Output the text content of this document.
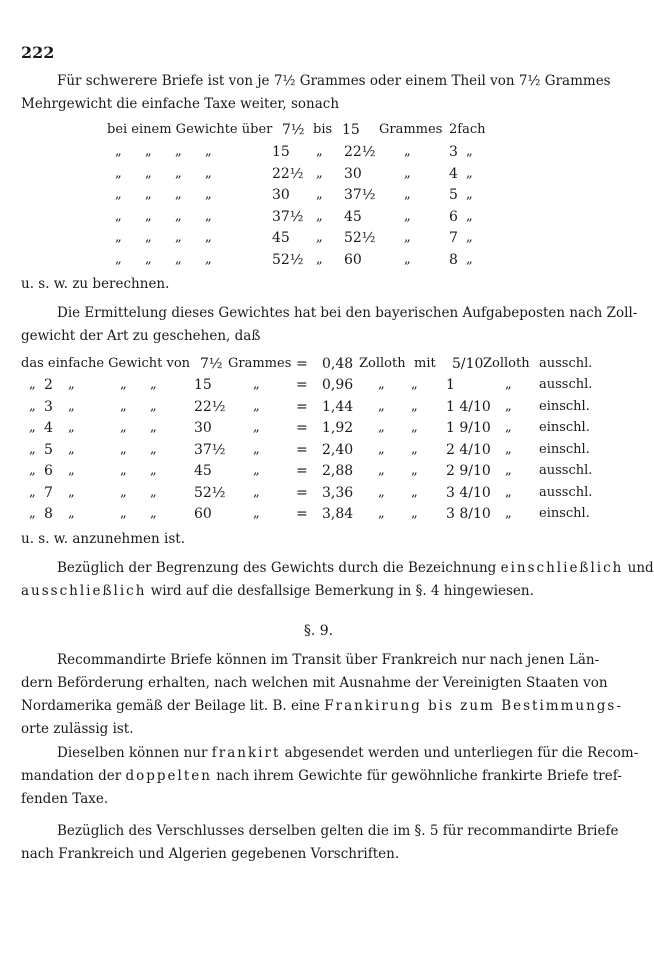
222
Für schwerere Briefe ist von je 7½ Grammes oder einem Theil von 7½ Grammes
Mehrgewicht die einfache Taxe weiter, sonach
bei einem Gewichte über 7½ bis 15 Grammes 2fach
„ „ „ „	15 „ 22½ „	3 „
„ „ „ „	22½ „ 30	„	4 „
„ „ „ „	30 „ 37½ „	5 „
„ „ „ „	37½ „ 45	„	6 „
„ „ „ „	45 „ 52½ „	7 „
„ „ „ „	52½ „ 60	„	8 „
u. s. w. zu berechnen.
Die Ermittelung dieses Gewichtes hat bei den bayerischen Aufgabeposten nach Zoll-
gewicht der Art zu geschehen, daß
das einfache Gewicht von 7½ Grammes = 0,48 Zolloth mit 5/10 Zolloth ausschl.
„ 2 „	„ „	15	„	= 0,96 „ „ 1	„ ausschl.
„ 3 „	„ „	22½ „	= 1,44 „ „ 1 4/10 „ einschl.
„ 4 „	„ „	30	„	= 1,92 „ „ 1 9/10 „ einschl.
„ 5 „	„ „	37½ „	= 2,40 „ „ 2 4/10 „ einschl.
„ 6 „	„ „	45	„	= 2,88 „ „ 2 9/10 „ ausschl.
„ 7 „	„ „	52½ „	= 3,36 „ „ 3 4/10 „ ausschl.
„ 8 „	„ „	60	„	= 3,84 „ „ 3 8/10 „ einschl.
u. s. w. anzunehmen ist.
Bezüglich der Begrenzung des Gewichts durch die Bezeichnung einschließlich und
ausschließlich wird auf die desfallsige Bemerkung in §. 4 hingewiesen.
§. 9.
Recommandirte Briefe können im Transit über Frankreich nur nach jenen Län-
dern Beförderung erhalten, nach welchen mit Ausnahme der Vereinigten Staaten von
Nordamerika gemäß der Beilage lit. B. eine Frankirung bis zum Bestimmungs-
orte zulässig ist.
Dieselben können nur frankirt abgesendet werden und unterliegen für die Recom-
mandation der doppelten nach ihrem Gewichte für gewöhnliche frankirte Briefe tref-
fenden Taxe.
Bezüglich des Verschlusses derselben gelten die im §. 5 für recommandirte Briefe
nach Frankreich und Algerien gegebenen Vorschriften.
